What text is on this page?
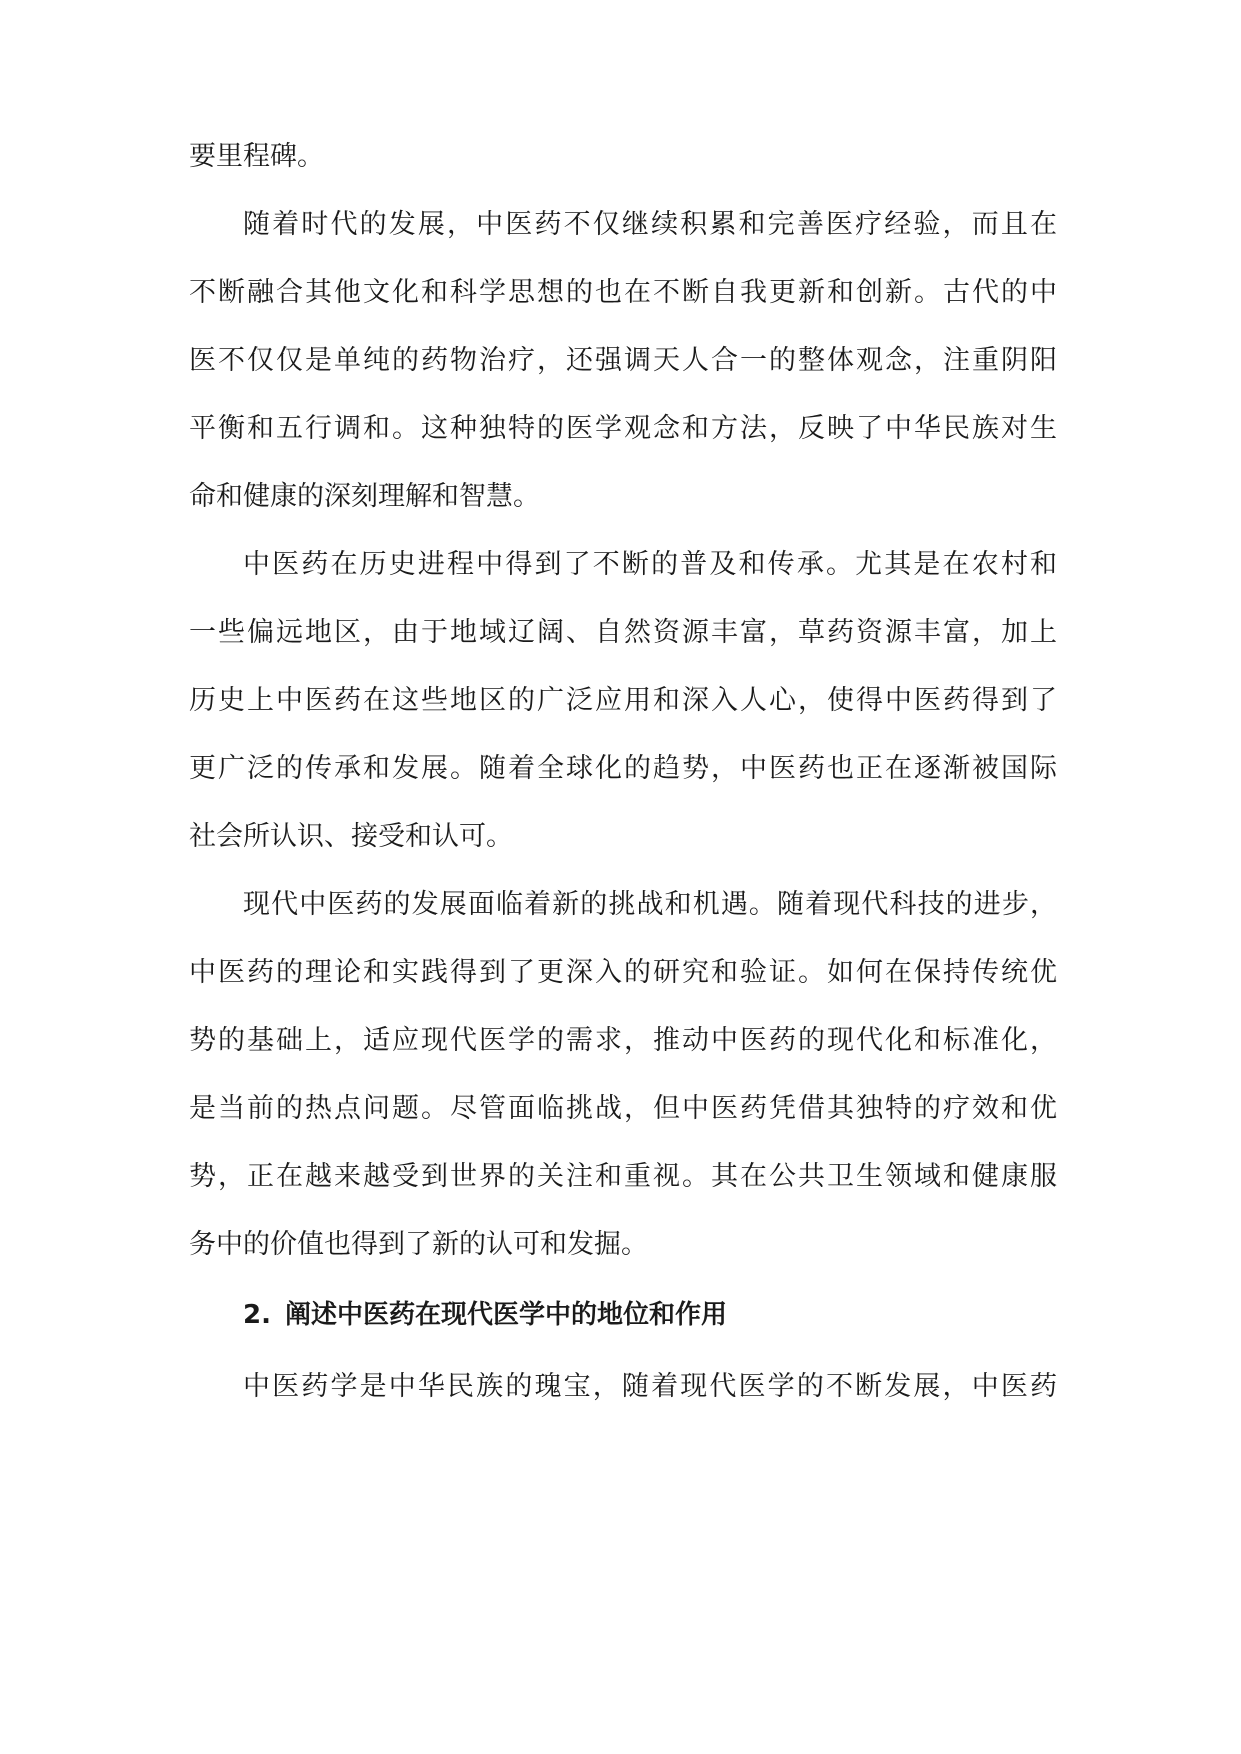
要里程碑。

随着时代的发展，中医药不仅继续积累和完善医疗经验，而且在

不断融合其他文化和科学思想的也在不断自我更新和创新。古代的中

医不仅仅是单纯的药物治疗，还强调天人合一的整体观念，注重阴阳

平衡和五行调和。这种独特的医学观念和方法，反映了中华民族对生

命和健康的深刻理解和智慧。

中医药在历史进程中得到了不断的普及和传承。尤其是在农村和

一些偏远地区，由于地域辽阔、自然资源丰富，草药资源丰富，加上

历史上中医药在这些地区的广泛应用和深入人心，使得中医药得到了

更广泛的传承和发展。随着全球化的趋势，中医药也正在逐渐被国际

社会所认识、接受和认可。

现代中医药的发展面临着新的挑战和机遇。随着现代科技的进步，

中医药的理论和实践得到了更深入的研究和验证。如何在保持传统优

势的基础上，适应现代医学的需求，推动中医药的现代化和标准化，

是当前的热点问题。尽管面临挑战，但中医药凭借其独特的疗效和优

势，正在越来越受到世界的关注和重视。其在公共卫生领域和健康服

务中的价值也得到了新的认可和发掘。

2. 阐述中医药在现代医学中的地位和作用

中医药学是中华民族的瑰宝，随着现代医学的不断发展，中医药
